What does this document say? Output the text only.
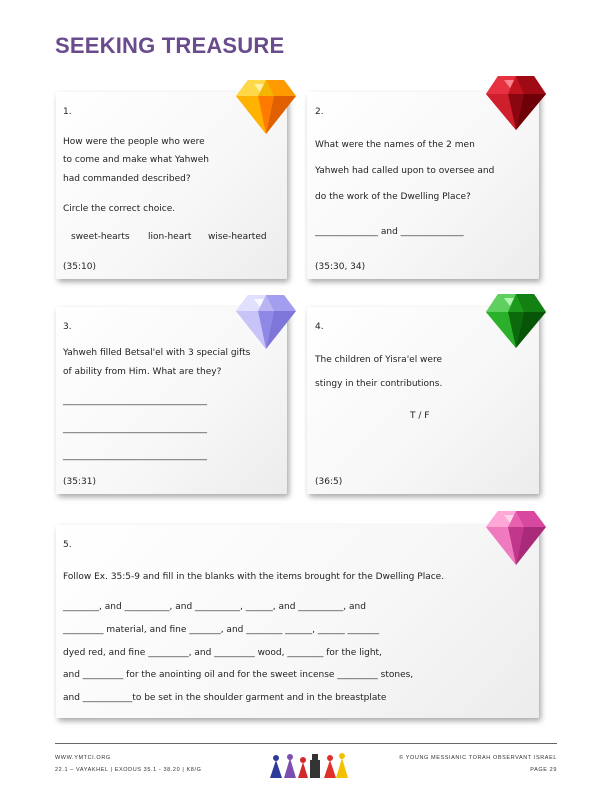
SEEKING TREASURE
1.
How were the people who were
to come and make what Yahweh
had commanded described?
Circle the correct choice.
sweet-hearts lion-heart wise-hearted
(35:10)
2.
What were the names of the 2 men
Yahweh had called upon to oversee and
do the work of the Dwelling Place?
______________ and ______________
(35:30, 34)
3.
Yahweh filled Betsal'el with 3 special gifts
of ability from Him. What are they?
________________________________
________________________________
________________________________
(35:31)
4.
The children of Yisra'el were
stingy in their contributions.
T / F
(36:5)
5.
Follow Ex. 35:5-9 and fill in the blanks with the items brought for the Dwelling Place.
________, and __________, and __________, ______, and __________, and
_________ material, and fine _______, and ________ ______, ______ _______
dyed red, and fine _________, and _________ wood, ________ for the light,
and _________ for the anointing oil and for the sweet incense _________ stones,
and ___________to be set in the shoulder garment and in the breastplate
WWW.YMTCI.ORG
22.1 – VAYAKHEL | EXODUS 35.1 - 38.20 | K8/G
© YOUNG MESSIANIC TORAH OBSERVANT ISRAEL
PAGE 29
